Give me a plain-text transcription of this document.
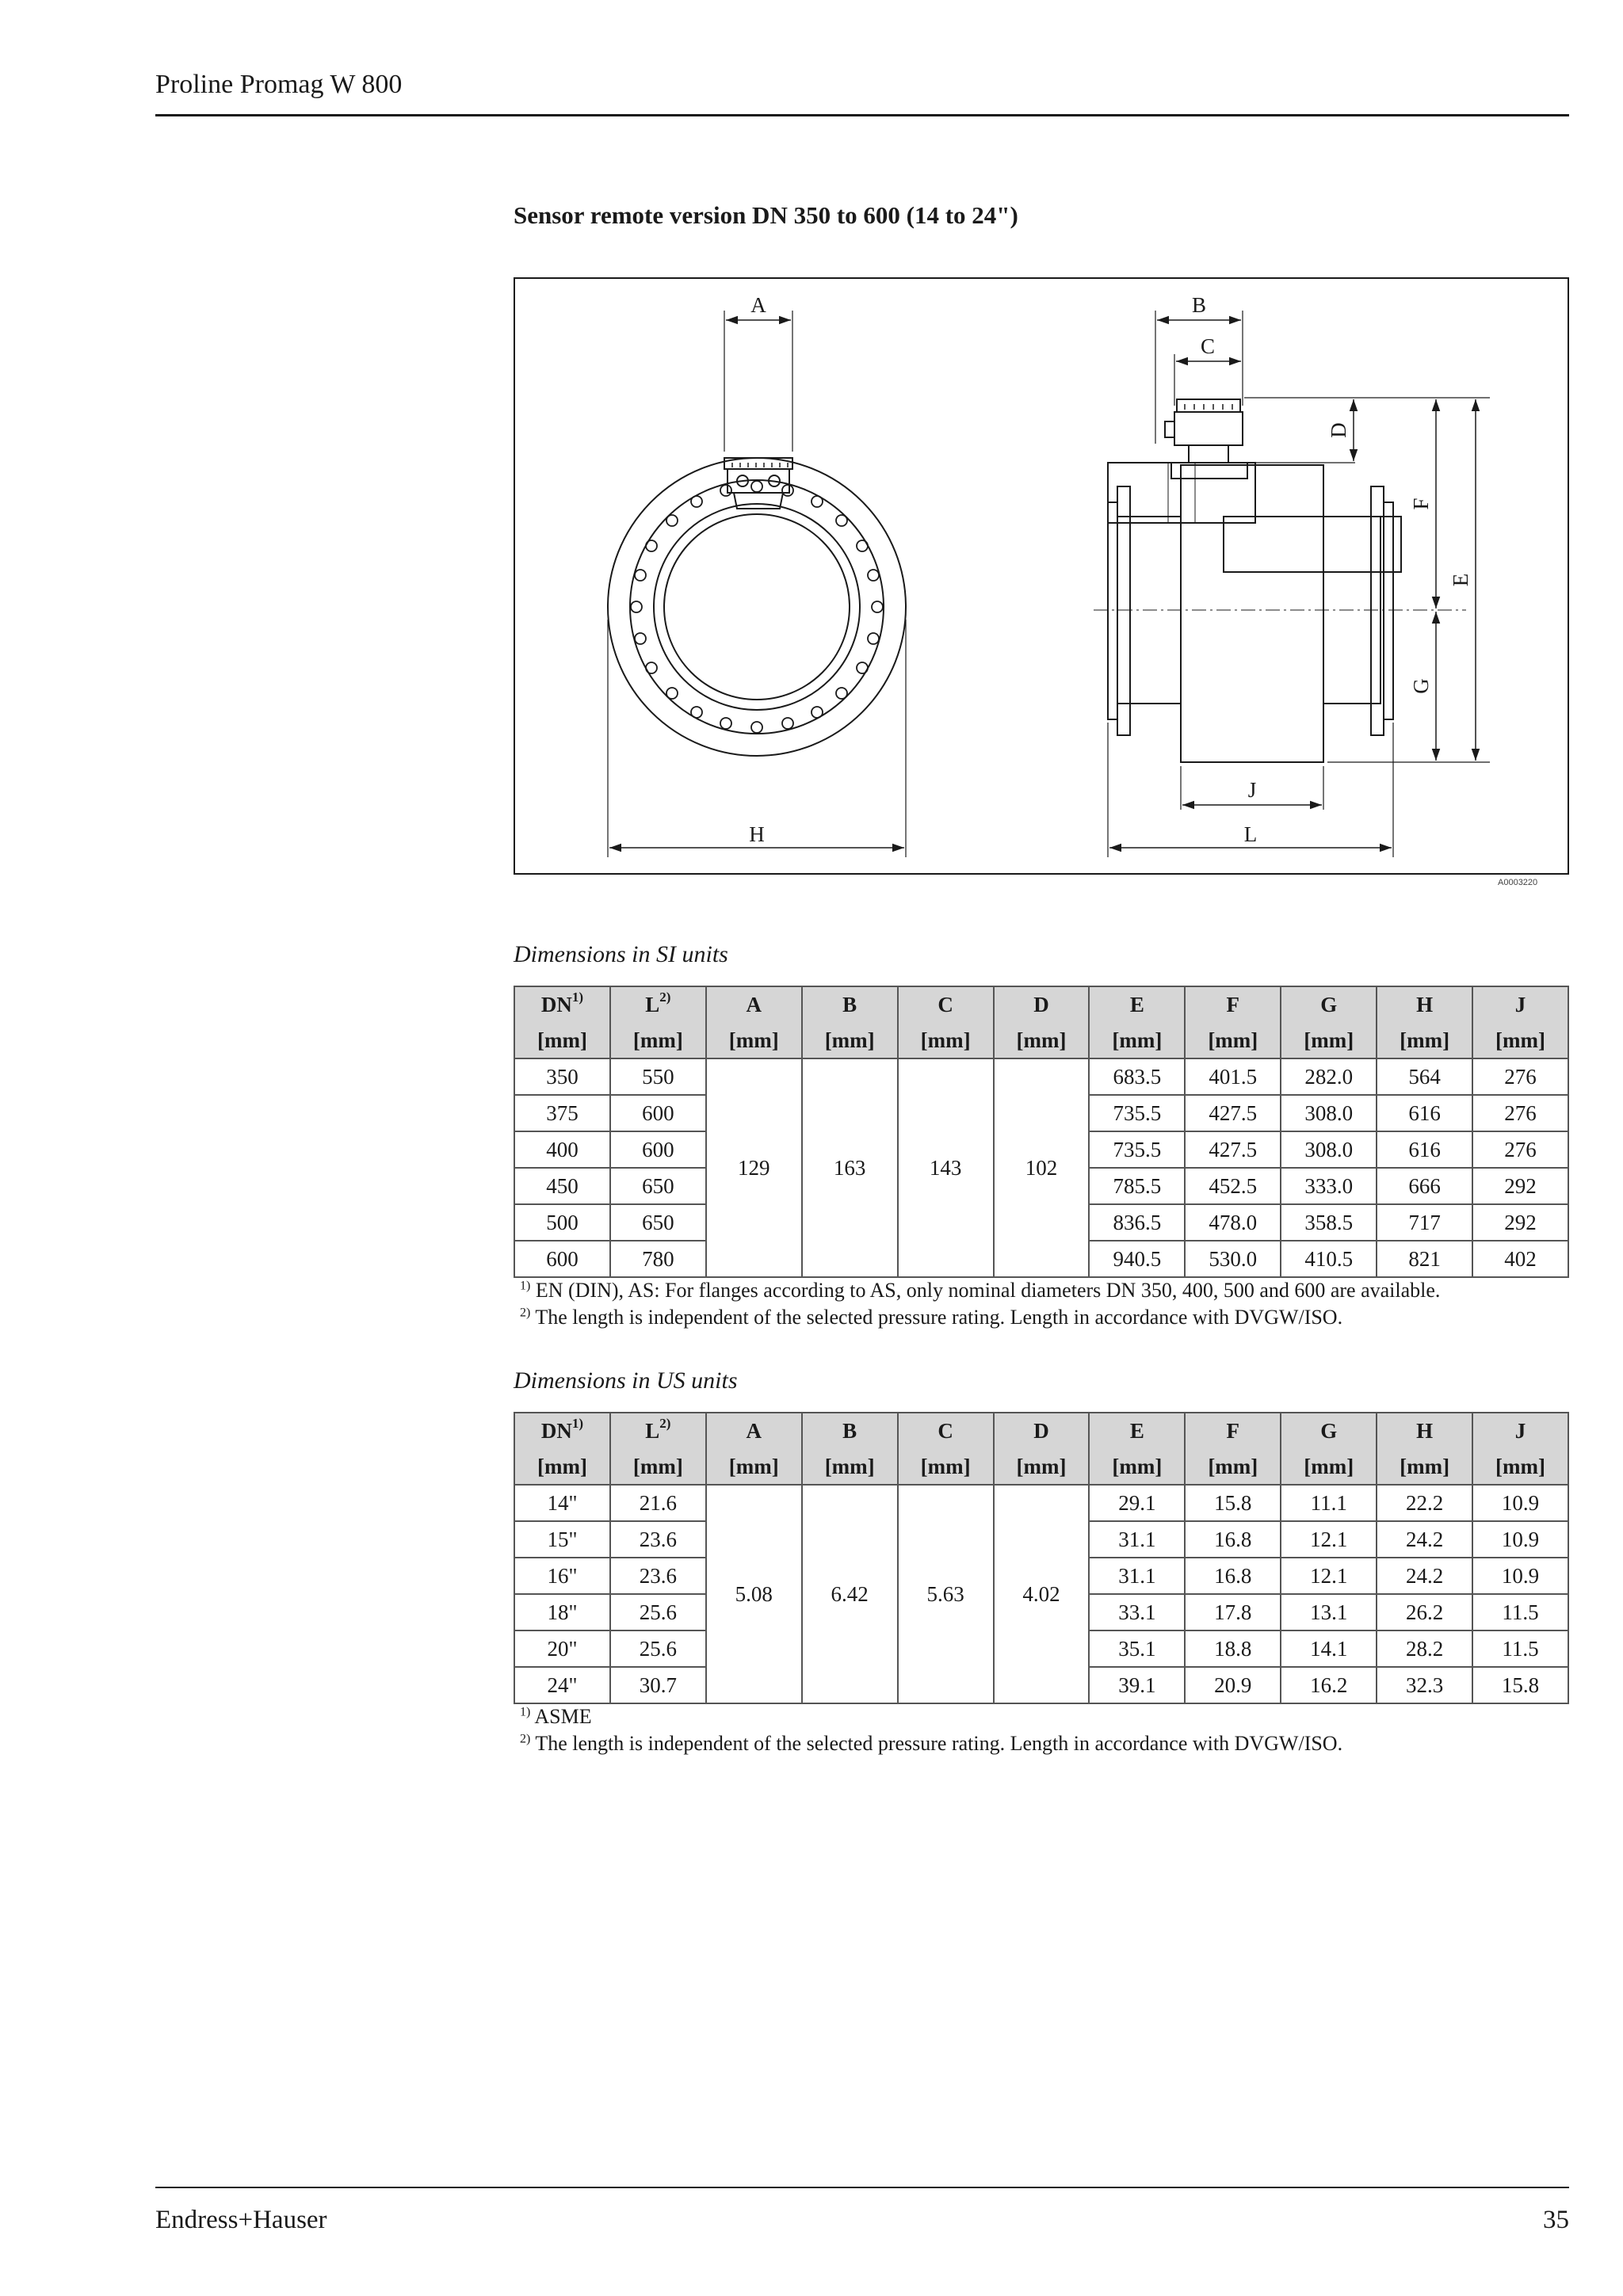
Proline Promag W 800
Sensor remote version DN 350 to 600 (14 to 24")
A	B
C
D
F
E
G
J
H	L
A0003220
Dimensions in SI units
DN$^{1)}$	$L^{2)}$	A	B	C	D	E	F	G	H	J
[mm]	[mm]	[mm]	[mm]	[mm]	[mm]	[mm]	[mm]	[mm]	[mm]	[mm]
350	550	129	163	143	102	683.5	401.5	282.0	564	276
375	600					735.5	427.5	308.0	616	276
400	600					735.5	427.5	308.0	616	276
450	650					785.5	452.5	333.0	666	292
500	650					836.5	478.0	358.5	717	292
600	780					940.5	530.0	410.5	821	402
$^{1)}$ EN (DIN), AS: For flanges according to AS, only nominal diameters DN 350, 400, 500 and 600 are available.
$^{2)}$ The length is independent of the selected pressure rating. Length in accordance with DVGW/ISO.
Dimensions in US units
DN$^{1)}$	$L^{2)}$	A	B	C	D	E	F	G	H	J
[mm]	[mm]	[mm]	[mm]	[mm]	[mm]	[mm]	[mm]	[mm]	[mm]	[mm]
14"	21.6	5.08	6.42	5.63	4.02	29.1	15.8	11.1	22.2	10.9
15"	23.6					31.1	16.8	12.1	24.2	10.9
16"	23.6					31.1	16.8	12.1	24.2	10.9
18"	25.6					33.1	17.8	13.1	26.2	11.5
20"	25.6					35.1	18.8	14.1	28.2	11.5
24"	30.7					39.1	20.9	16.2	32.3	15.8
$^{1)}$ ASME
$^{2)}$ The length is independent of the selected pressure rating. Length in accordance with DVGW/ISO.
Endress+Hauser	35
